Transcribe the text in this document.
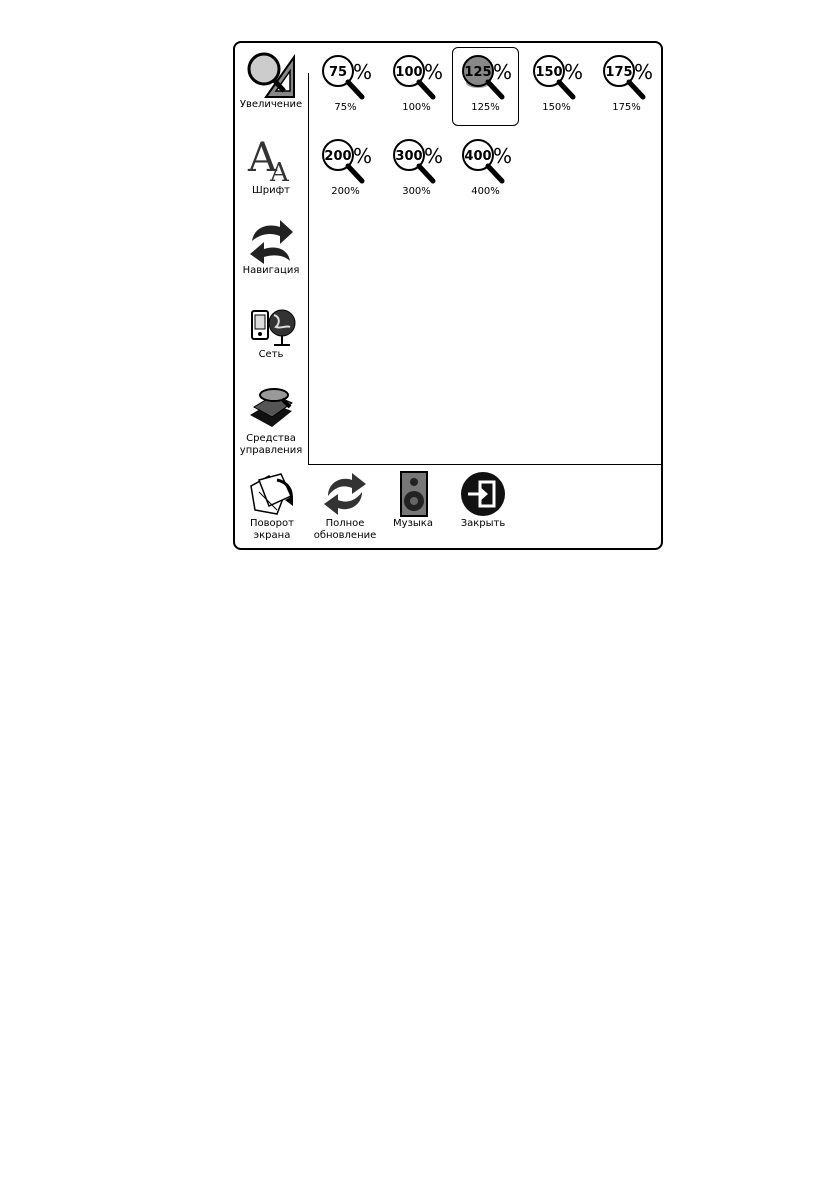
Увеличение
A
A
Шрифт
Навигация
Сеть
Средства
управления
75 %
75%
100 %
100%
125 %
125%
150 %
150%
175 %
175%
200 %
200%
300 %
300%
400 %
400%
Поворот
экрана
Полное
обновление
Музыка	Закрыть
